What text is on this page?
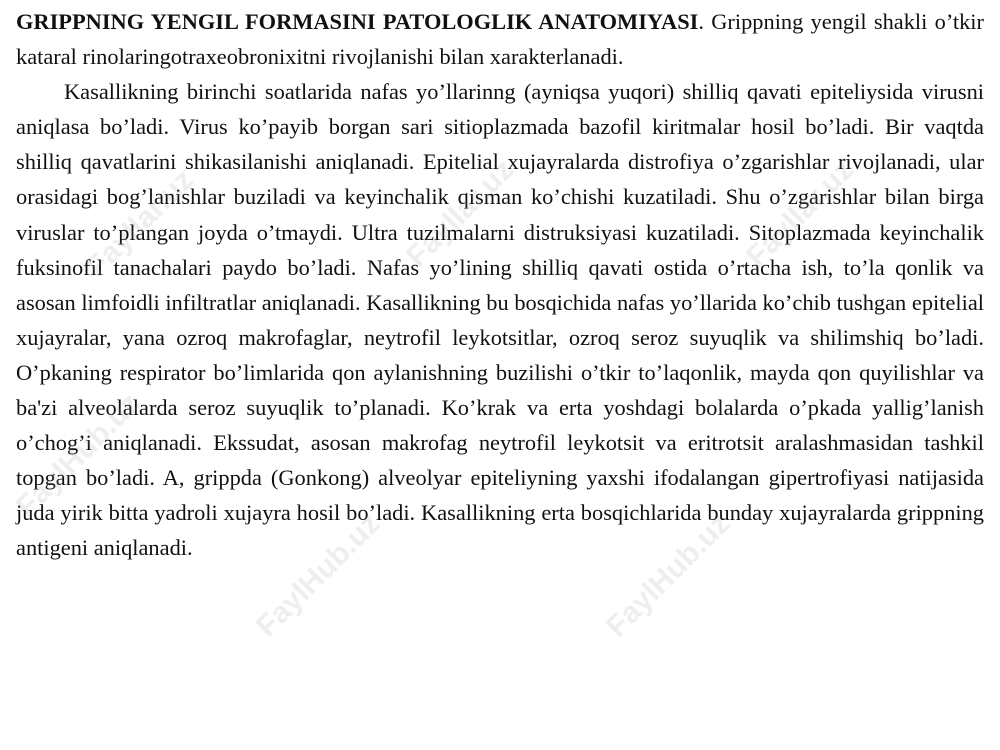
GRIPPNING YENGIL FORMASINI PATOLOGLIK ANATOMIYASI. Grippning yengil shakli o’tkir kataral rinolaringotraxeobronixitni rivojlanishi bilan xarakterlanadi.

Kasallikning birinchi soatlarida nafas yo’llarinng (ayniqsa yuqori) shilliq qavati epiteliysida virusni aniqlasa bo’ladi. Virus ko’payib borgan sari sitioplazmada bazofil kiritmalar hosil bo’ladi. Bir vaqtda shilliq qavatlarini shikasilanishi aniqlanadi. Epitelial xujayralarda distrofiya o’zgarishlar rivojlanadi, ular orasidagi bog’lanishlar buziladi va keyinchalik qisman ko’chishi kuzatiladi. Shu o’zgarishlar bilan birga viruslar to’plangan joyda o’tmaydi. Ultra tuzilmalarni distruksiyasi kuzatiladi. Sitoplazmada keyinchalik fuksinofil tanachalari paydo bo’ladi. Nafas yo’lining shilliq qavati ostida o’rtacha ish, to’la qonlik va asosan limfoidli infiltratlar aniqlanadi. Kasallikning bu bosqichida nafas yo’llarida ko’chib tushgan epitelial xujayralar, yana ozroq makrofaglar, neytrofil leykotsitlar, ozroq seroz suyuqlik va shilimshiq bo’ladi. O’pkaning respirator bo’limlarida qon aylanishning buzilishi o’tkir to’laqonlik, mayda qon quyilishlar va ba'zi alveolalarda seroz suyuqlik to’planadi. Ko’krak va erta yoshdagi bolalarda o’pkada yallig’lanish o’chog’i aniqlanadi. Ekssudat, asosan makrofag neytrofil leykotsit va eritrotsit aralashmasidan tashkil topgan bo’ladi. A, grippda (Gonkong) alveolyar epiteliyning yaxshi ifodalangan gipertrofiyasi natijasida juda yirik bitta yadroli xujayra hosil bo’ladi. Kasallikning erta bosqichlarida bunday xujayralarda grippning antigeni aniqlanadi.

Fayllar.uz	Fayllar.uz	Fayllar.uz
FaylHub.uz
FaylHub.uz	FaylHub.uz
